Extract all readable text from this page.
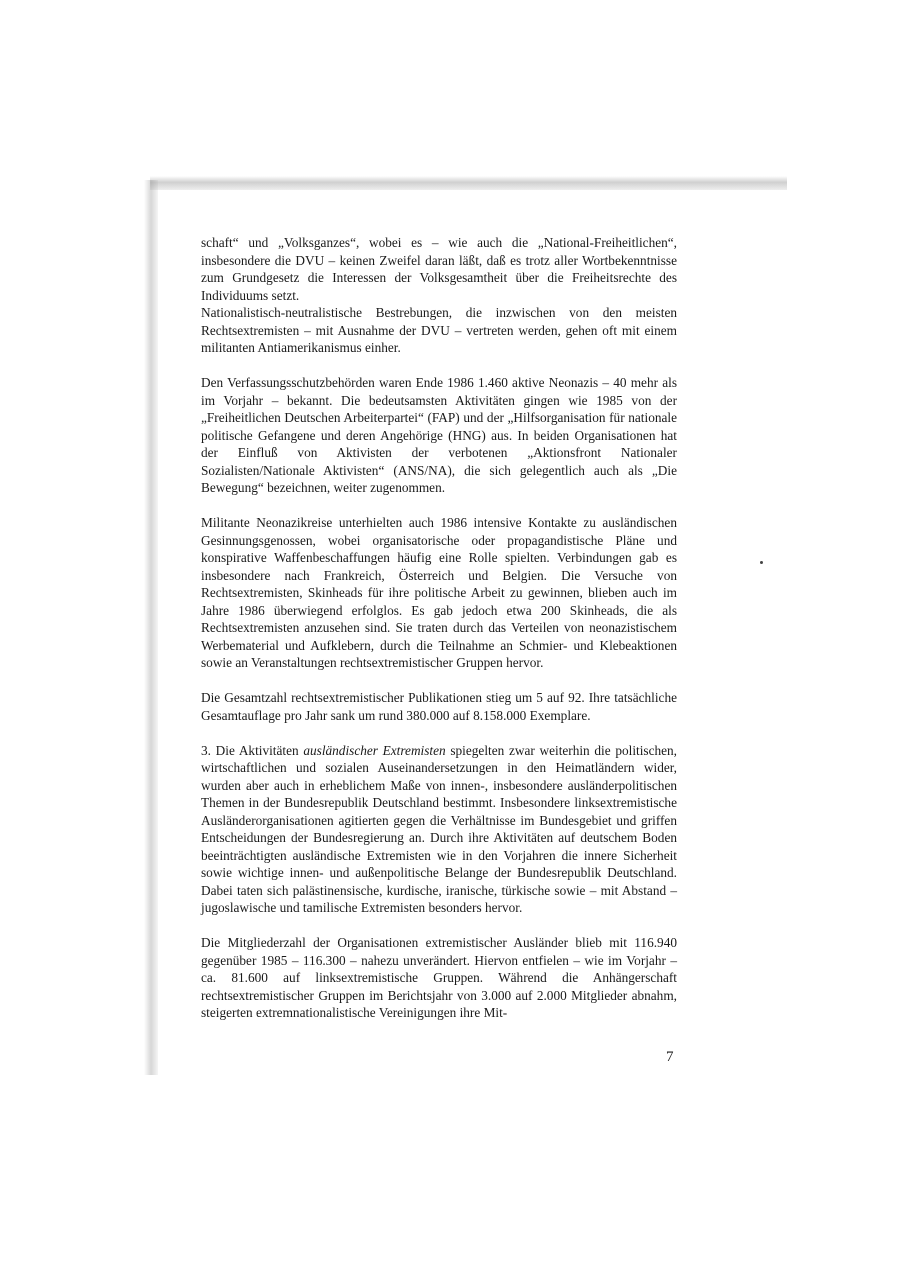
schaft“ und „Volksganzes“, wobei es – wie auch die „National-Freiheitlichen“, insbesondere die DVU – keinen Zweifel daran läßt, daß es trotz aller Wortbekenntnisse zum Grundgesetz die Interessen der Volksgesamtheit über die Freiheitsrechte des Individuums setzt.

Nationalistisch-neutralistische Bestrebungen, die inzwischen von den meisten Rechtsextremisten – mit Ausnahme der DVU – vertreten werden, gehen oft mit einem militanten Antiamerikanismus einher.

Den Verfassungsschutzbehörden waren Ende 1986 1.460 aktive Neonazis – 40 mehr als im Vorjahr – bekannt. Die bedeutsamsten Aktivitäten gingen wie 1985 von der „Freiheitlichen Deutschen Arbeiterpartei“ (FAP) und der „Hilfsorganisation für nationale politische Gefangene und deren Angehörige (HNG) aus. In beiden Organisationen hat der Einfluß von Aktivisten der verbotenen „Aktionsfront Nationaler Sozialisten/Nationale Aktivisten“ (ANS/NA), die sich gelegentlich auch als „Die Bewegung“ bezeichnen, weiter zugenommen.

Militante Neonazikreise unterhielten auch 1986 intensive Kontakte zu ausländischen Gesinnungsgenossen, wobei organisatorische oder propagandistische Pläne und konspirative Waffenbeschaffungen häufig eine Rolle spielten. Verbindungen gab es insbesondere nach Frankreich, Österreich und Belgien. Die Versuche von Rechtsextremisten, Skinheads für ihre politische Arbeit zu gewinnen, blieben auch im Jahre 1986 überwiegend erfolglos. Es gab jedoch etwa 200 Skinheads, die als Rechtsextremisten anzusehen sind. Sie traten durch das Verteilen von neonazistischem Werbematerial und Aufklebern, durch die Teilnahme an Schmier- und Klebeaktionen sowie an Veranstaltungen rechtsextremistischer Gruppen hervor.

Die Gesamtzahl rechtsextremistischer Publikationen stieg um 5 auf 92. Ihre tatsächliche Gesamtauflage pro Jahr sank um rund 380.000 auf 8.158.000 Exemplare.

3. Die Aktivitäten ausländischer Extremisten spiegelten zwar weiterhin die politischen, wirtschaftlichen und sozialen Auseinandersetzungen in den Heimatländern wider, wurden aber auch in erheblichem Maße von innen-, insbesondere ausländerpolitischen Themen in der Bundesrepublik Deutschland bestimmt. Insbesondere linksextremistische Ausländerorganisationen agitierten gegen die Verhältnisse im Bundesgebiet und griffen Entscheidungen der Bundesregierung an. Durch ihre Aktivitäten auf deutschem Boden beeinträchtigten ausländische Extremisten wie in den Vorjahren die innere Sicherheit sowie wichtige innen- und außenpolitische Belange der Bundesrepublik Deutschland. Dabei taten sich palästinensische, kurdische, iranische, türkische sowie – mit Abstand – jugoslawische und tamilische Extremisten besonders hervor.

Die Mitgliederzahl der Organisationen extremistischer Ausländer blieb mit 116.940 gegenüber 1985 – 116.300 – nahezu unverändert. Hiervon entfielen – wie im Vorjahr – ca. 81.600 auf linksextremistische Gruppen. Während die Anhängerschaft rechtsextremistischer Gruppen im Berichtsjahr von 3.000 auf 2.000 Mitglieder abnahm, steigerten extremnationalistische Vereinigungen ihre Mit-

7
